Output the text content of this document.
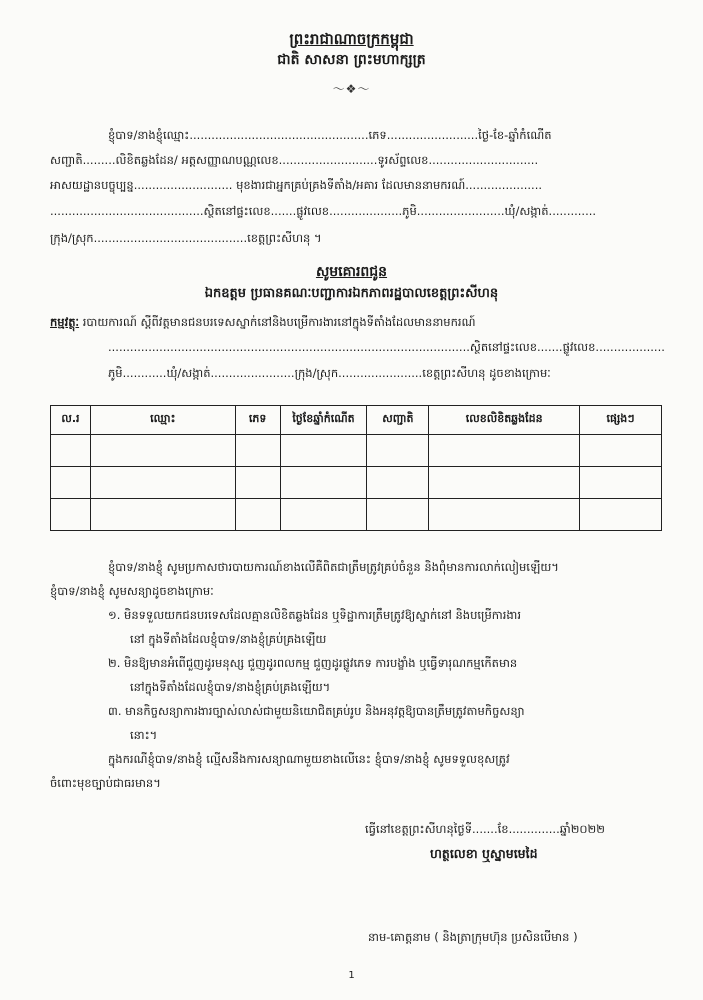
ព្រះរាជាណាចក្រកម្ពុជា
ជាតិ សាសនា ព្រះមហាក្សត្រ
〜❖〜
ខ្ញុំបាទ/នាងខ្ញុំឈ្មោះ.................................................ភេទ.........................ថ្ងៃ-ខែ-ឆ្នាំកំណើត
សញ្ជាតិ.........លិខិតឆ្លងដែន/ អត្តសញ្ញាណបណ្ណលេខ...........................ទូរស័ព្ទលេខ..............................
អាសយដ្ឋានបច្ចុប្បន្ន........................... មុខងារជាអ្នកគ្រប់គ្រងទីតាំង/អគារ ដែលមាននាមករណ៍.....................
..........................................ស្ថិតនៅផ្ទះលេខ.......ផ្លូវលេខ....................ភូមិ........................ឃុំ/សង្កាត់.............
ក្រុង/ស្រុក..........................................ខេត្តព្រះសីហនុ ។
សូមគោរពជូន
ឯកឧត្តម ប្រធានគណៈបញ្ជាការឯកភាពរដ្ឋបាលខេត្តព្រះសីហនុ
កម្មវត្ថុៈ របាយការណ៍ ស្តីពីវត្តមានជនបរទេសស្នាក់នៅនិងបម្រើការងារនៅក្នុងទីតាំងដែលមាននាមករណ៍
...................................................................................................ស្ថិតនៅផ្ទះលេខ.......ផ្លូវលេខ...................
ភូមិ............ឃុំ/សង្កាត់.......................ក្រុង/ស្រុក.......................ខេត្តព្រះសីហនុ ដូចខាងក្រោមៈ
ល.រ	ឈ្មោះ	ភេទ	ថ្ងៃខែឆ្នាំកំណើត	សញ្ជាតិ	លេខលិខិតឆ្លងដែន	ផ្សេងៗ

ខ្ញុំបាទ/នាងខ្ញុំ សូមប្រកាសថារបាយការណ៍ខាងលើគឺពិតជាត្រឹមត្រូវគ្រប់ចំនួន និងពុំមានការលាក់លៀមឡើយ។
ខ្ញុំបាទ/នាងខ្ញុំ សូមសន្យាដូចខាងក្រោមៈ
១. មិនទទួលយកជនបរទេសដែលគ្មានលិខិតឆ្លងដែន ឬទិដ្ឋាការត្រឹមត្រូវឱ្យស្នាក់នៅ និងបម្រើការងារ
នៅ ក្នុងទីតាំងដែលខ្ញុំបាទ/នាងខ្ញុំគ្រប់គ្រងឡើយ
២. មិនឱ្យមានអំពើជួញដូរមនុស្ស ជួញដូរពលកម្ម ជួញដូរផ្លូវភេទ ការបង្ខាំង ឬធ្វើទារុណកម្មកើតមាន
នៅក្នុងទីតាំងដែលខ្ញុំបាទ/នាងខ្ញុំគ្រប់គ្រងឡើយ។
៣. មានកិច្ចសន្យាការងារច្បាស់លាស់ជាមួយនិយោជិតគ្រប់រូប និងអនុវត្តឱ្យបានត្រឹមត្រូវតាមកិច្ចសន្យា
នោះ។
ក្នុងករណីខ្ញុំបាទ/នាងខ្ញុំ ល្មើសនឹងការសន្យាណាមួយខាងលើនេះ ខ្ញុំបាទ/នាងខ្ញុំ សូមទទួលខុសត្រូវ
ចំពោះមុខច្បាប់ជាធរមាន។
ធ្វើនៅខេត្តព្រះសីហនុថ្ងៃទី.......ខែ..............ឆ្នាំ២០២២
ហត្ថលេខា ឬស្នាមមេដៃ
នាម-គោត្តនាម ( និងត្រាក្រុមហ៊ុន ប្រសិនបើមាន )
1
